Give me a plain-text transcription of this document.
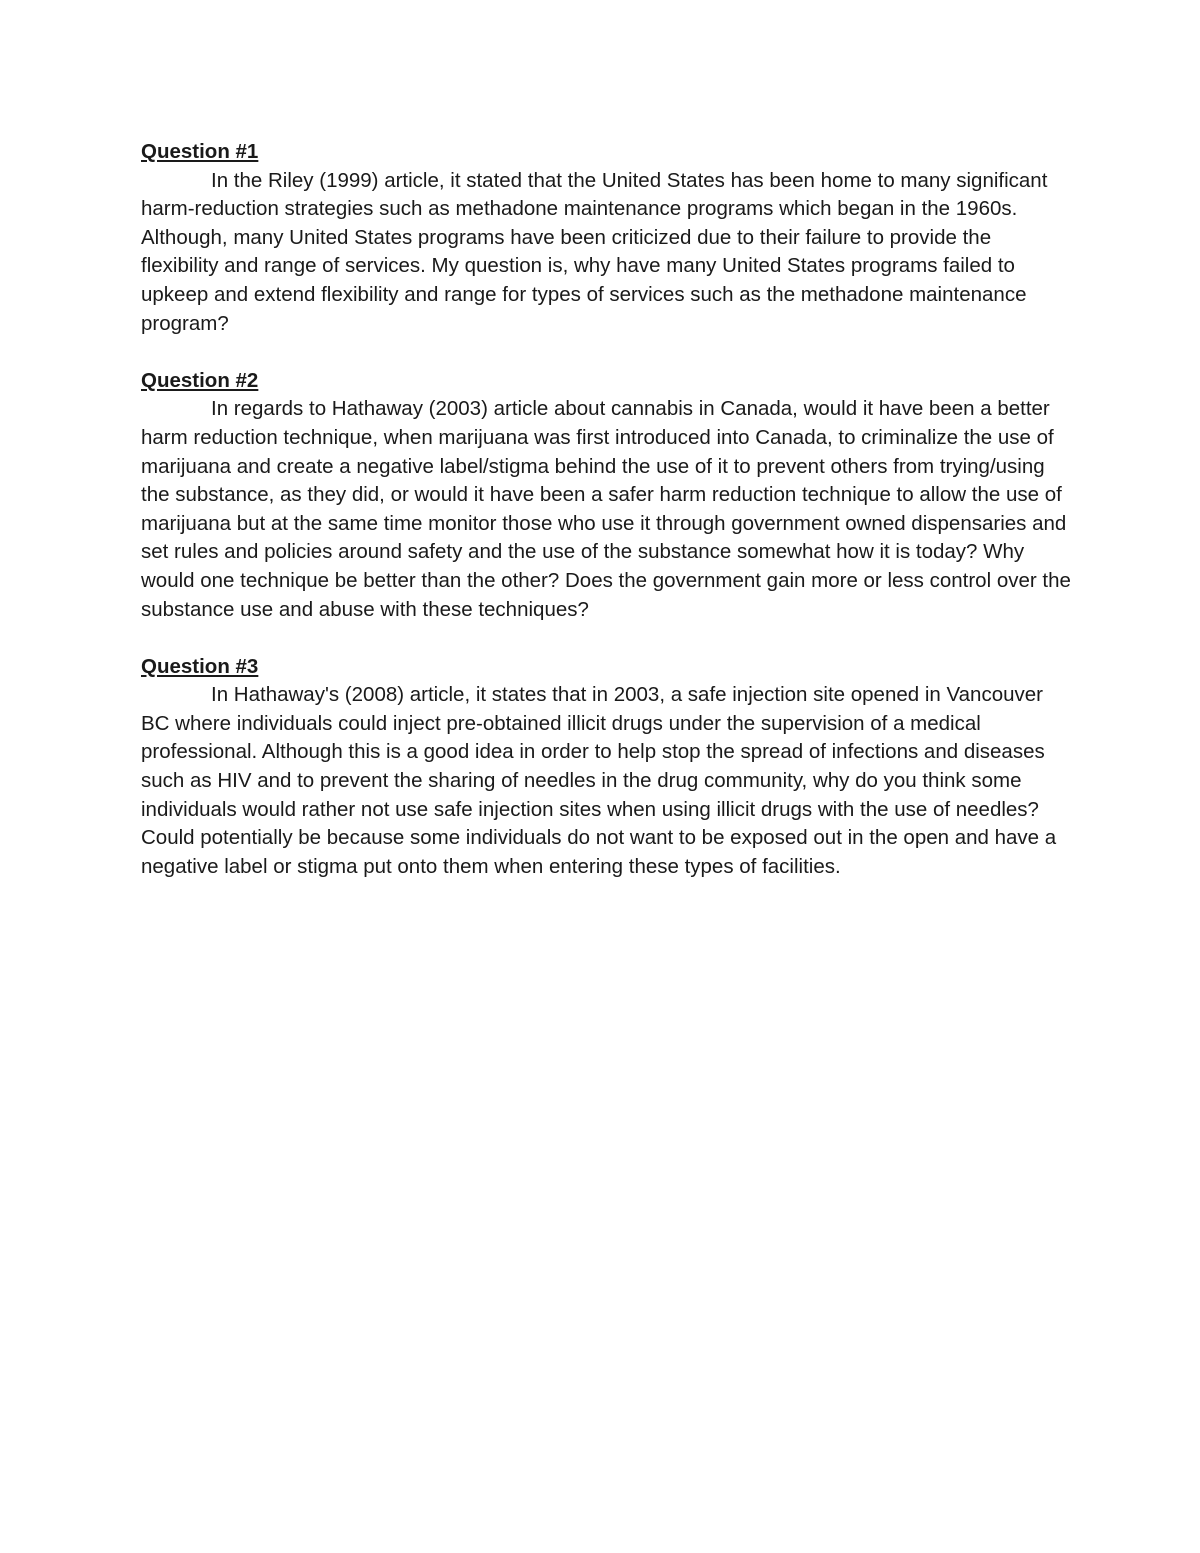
Question #1

In the Riley (1999) article, it stated that the United States has been home to many significant harm-reduction strategies such as methadone maintenance programs which began in the 1960s. Although, many United States programs have been criticized due to their failure to provide the flexibility and range of services. My question is, why have many United States programs failed to upkeep and extend flexibility and range for types of services such as the methadone maintenance program?

Question #2

In regards to Hathaway (2003) article about cannabis in Canada, would it have been a better harm reduction technique, when marijuana was first introduced into Canada, to criminalize the use of marijuana and create a negative label/stigma behind the use of it to prevent others from trying/using the substance, as they did, or would it have been a safer harm reduction technique to allow the use of marijuana but at the same time monitor those who use it through government owned dispensaries and set rules and policies around safety and the use of the substance somewhat how it is today? Why would one technique be better than the other? Does the government gain more or less control over the substance use and abuse with these techniques?

Question #3

In Hathaway's (2008) article, it states that in 2003, a safe injection site opened in Vancouver BC where individuals could inject pre-obtained illicit drugs under the supervision of a medical professional. Although this is a good idea in order to help stop the spread of infections and diseases such as HIV and to prevent the sharing of needles in the drug community, why do you think some individuals would rather not use safe injection sites when using illicit drugs with the use of needles? Could potentially be because some individuals do not want to be exposed out in the open and have a negative label or stigma put onto them when entering these types of facilities.
